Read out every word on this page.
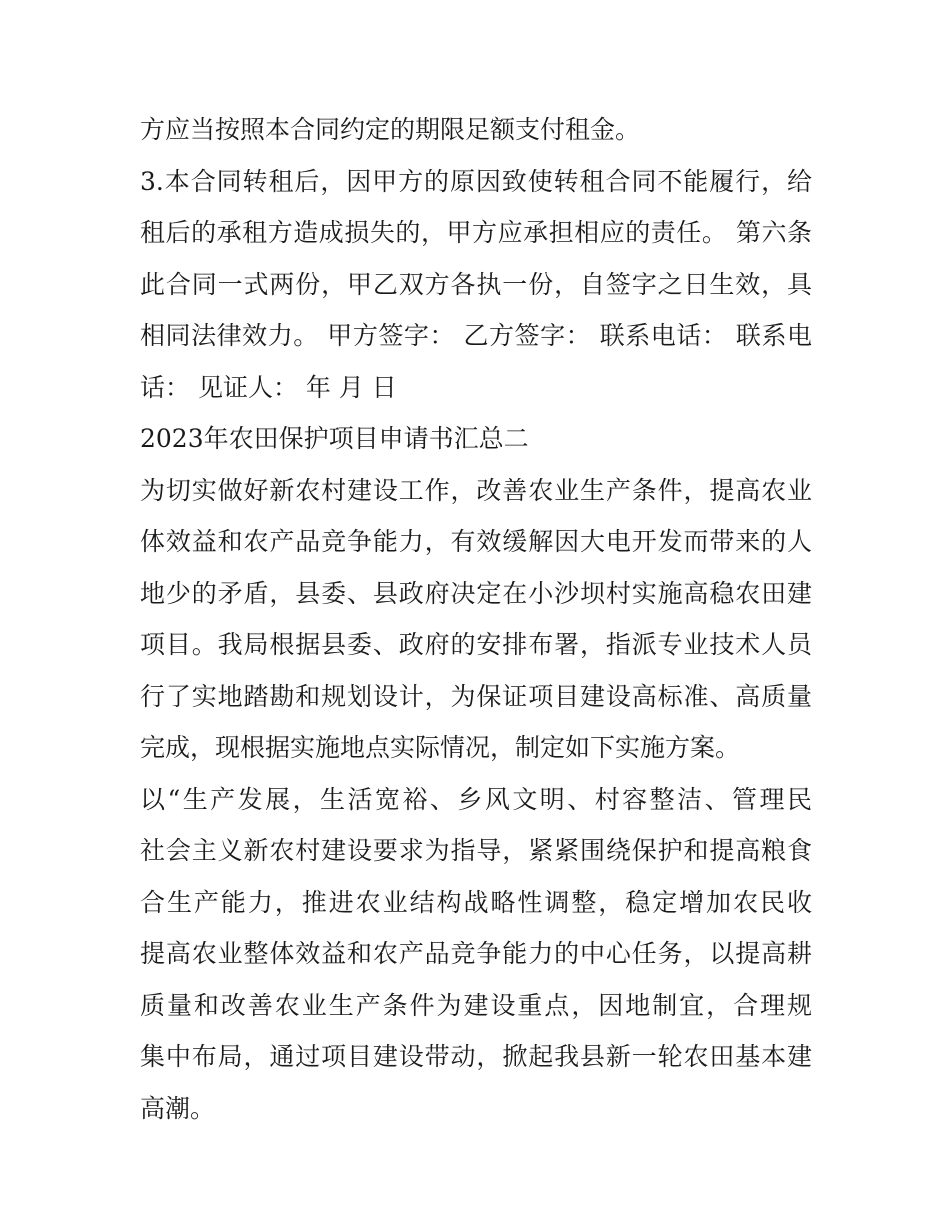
方应当按照本合同约定的期限足额支付租金。
3.本合同转租后，因甲方的原因致使转租合同不能履行，给
租后的承租方造成损失的，甲方应承担相应的责任。 第六条
此合同一式两份，甲乙双方各执一份，自签字之日生效，具
相同法律效力。 甲方签字： 乙方签字： 联系电话： 联系电
话： 见证人： 年 月 日
2023年农田保护项目申请书汇总二
为切实做好新农村建设工作，改善农业生产条件，提高农业
体效益和农产品竞争能力，有效缓解因大电开发而带来的人
地少的矛盾，县委、县政府决定在小沙坝村实施高稳农田建
项目。我局根据县委、政府的安排布署，指派专业技术人员
行了实地踏勘和规划设计，为保证项目建设高标准、高质量
完成，现根据实施地点实际情况，制定如下实施方案。
以“生产发展，生活宽裕、乡风文明、村容整洁、管理民
社会主义新农村建设要求为指导，紧紧围绕保护和提高粮食
合生产能力，推进农业结构战略性调整，稳定增加农民收
提高农业整体效益和农产品竞争能力的中心任务，以提高耕
质量和改善农业生产条件为建设重点，因地制宜，合理规
集中布局，通过项目建设带动，掀起我县新一轮农田基本建
高潮。
